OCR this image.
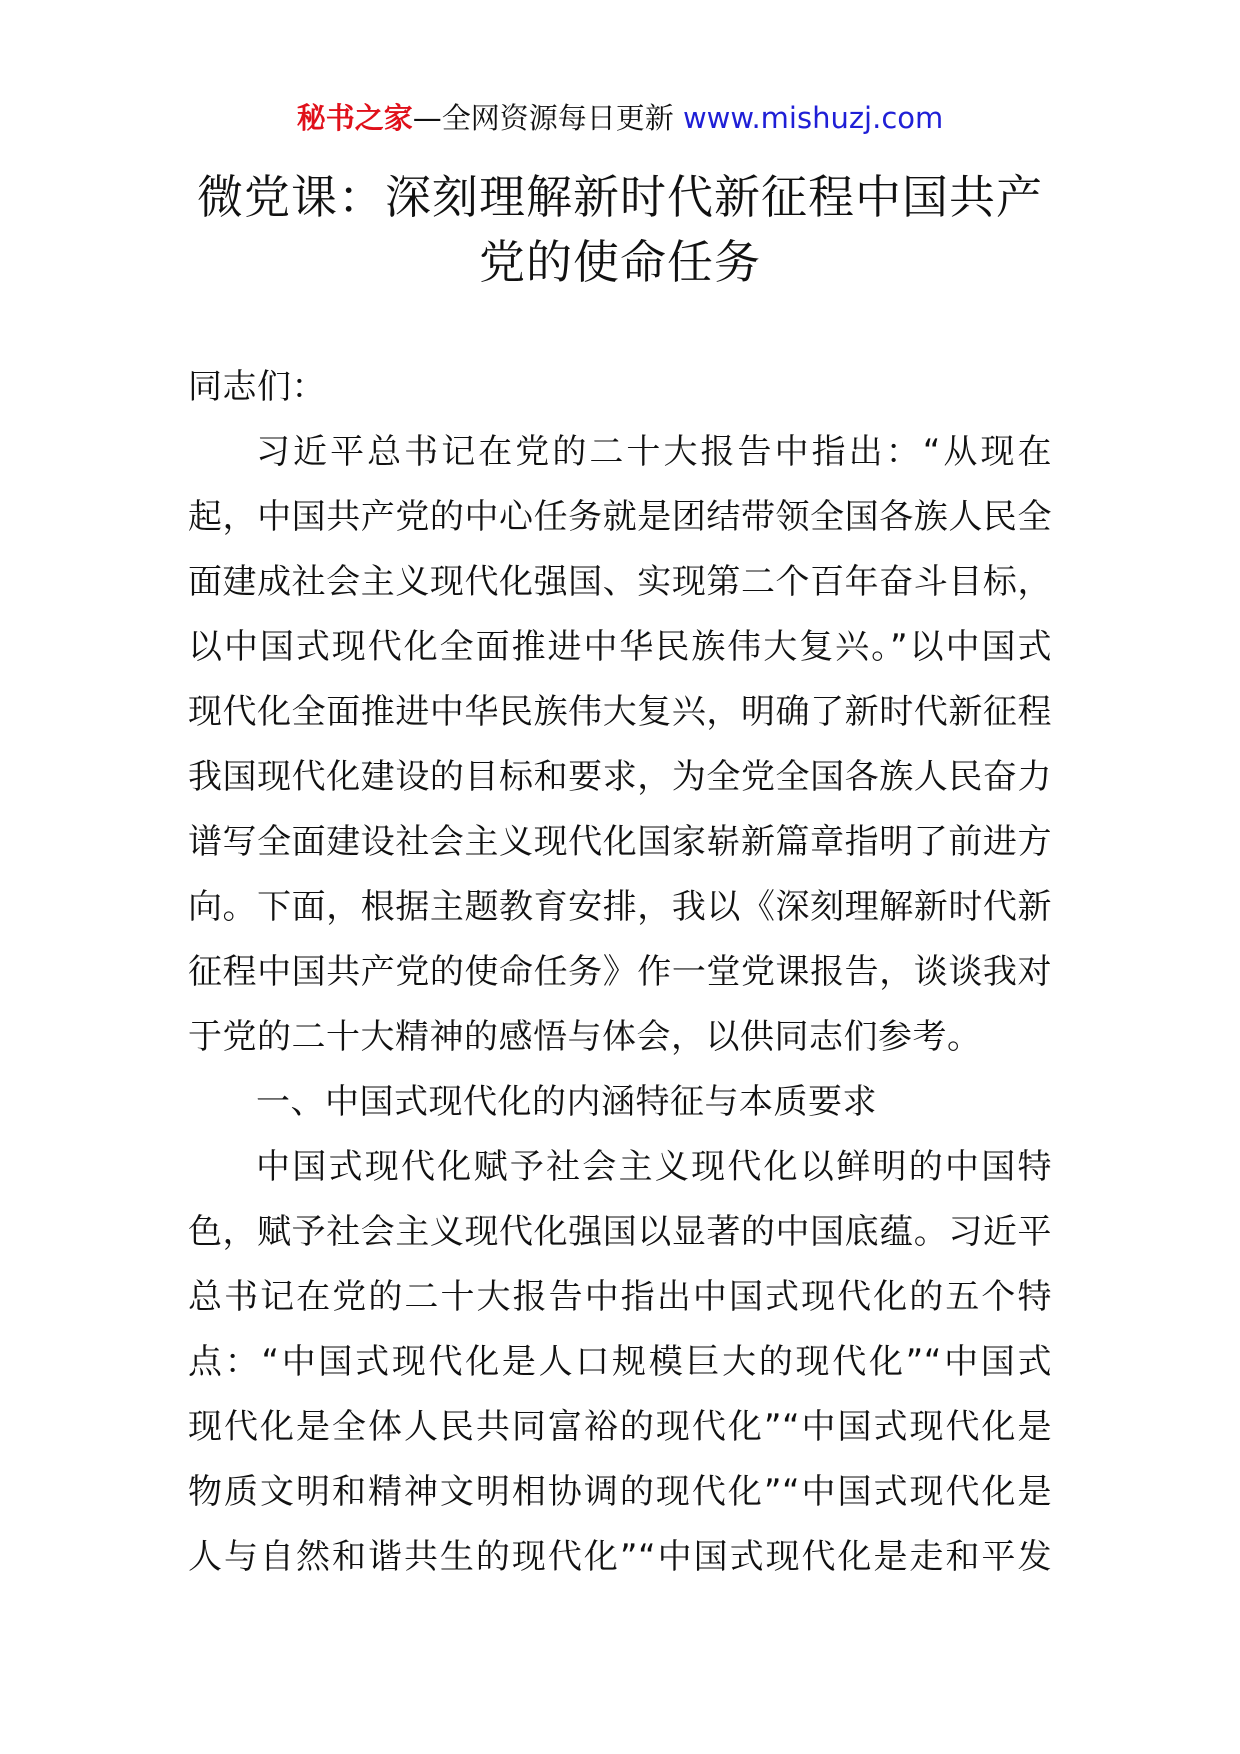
秘书之家—全网资源每日更新 www.mishuzj.com
微党课：深刻理解新时代新征程中国共产
党的使命任务
同志们：
习近平总书记在党的二十大报告中指出：“从现在
起，中国共产党的中心任务就是团结带领全国各族人民全
面建成社会主义现代化强国、实现第二个百年奋斗目标，
以中国式现代化全面推进中华民族伟大复兴。”以中国式
现代化全面推进中华民族伟大复兴，明确了新时代新征程
我国现代化建设的目标和要求，为全党全国各族人民奋力
谱写全面建设社会主义现代化国家崭新篇章指明了前进方
向。下面，根据主题教育安排，我以《深刻理解新时代新
征程中国共产党的使命任务》作一堂党课报告，谈谈我对
于党的二十大精神的感悟与体会，以供同志们参考。
一、中国式现代化的内涵特征与本质要求
中国式现代化赋予社会主义现代化以鲜明的中国特
色，赋予社会主义现代化强国以显著的中国底蕴。习近平
总书记在党的二十大报告中指出中国式现代化的五个特
点：“中国式现代化是人口规模巨大的现代化”“中国式
现代化是全体人民共同富裕的现代化”“中国式现代化是
物质文明和精神文明相协调的现代化”“中国式现代化是
人与自然和谐共生的现代化”“中国式现代化是走和平发
